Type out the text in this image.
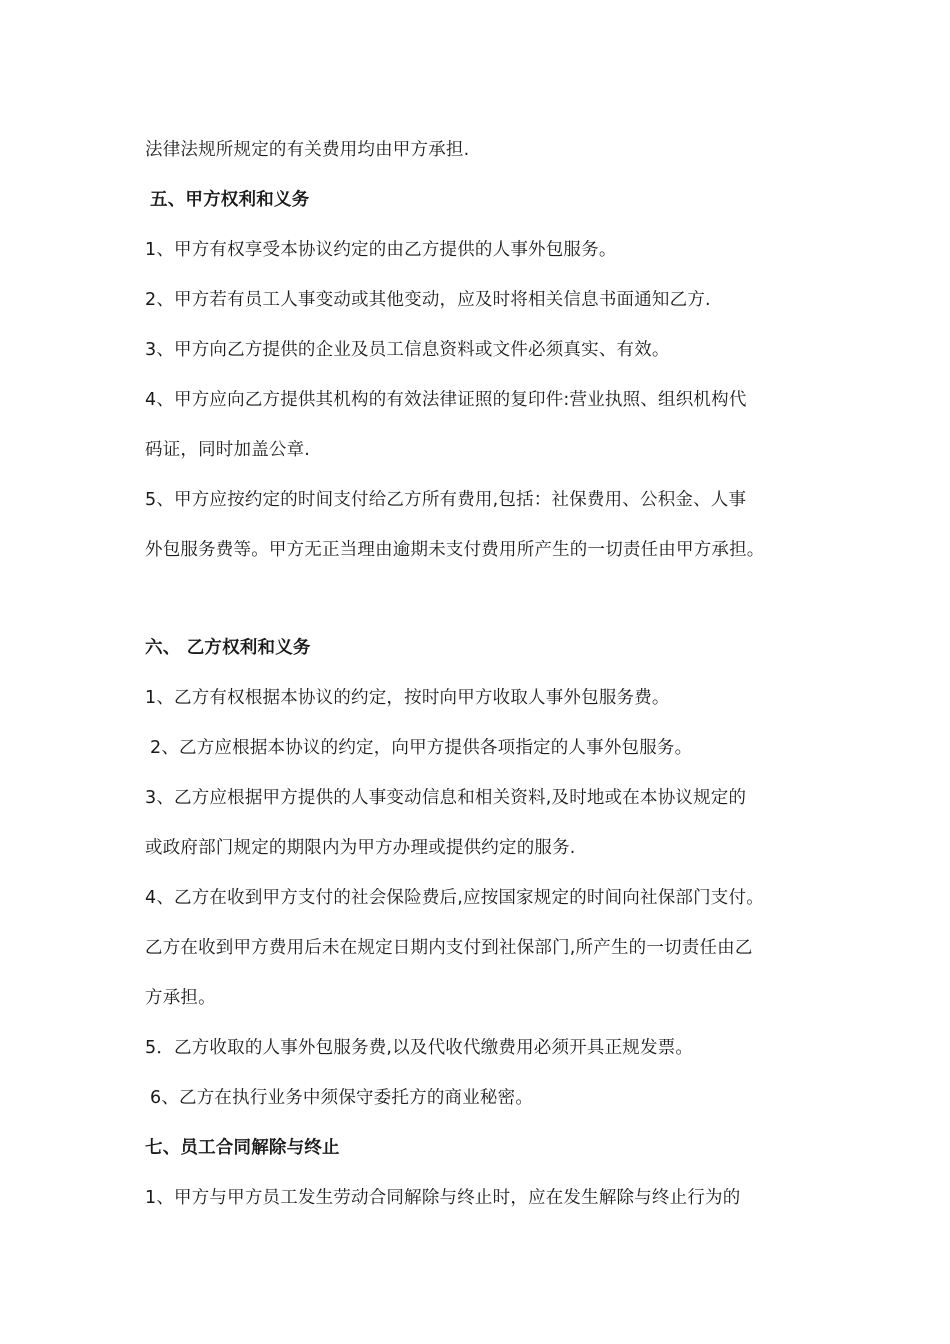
法律法规所规定的有关费用均由甲方承担.
五、甲方权利和义务
1、甲方有权享受本协议约定的由乙方提供的人事外包服务。
2、甲方若有员工人事变动或其他变动，应及时将相关信息书面通知乙方.
3、甲方向乙方提供的企业及员工信息资料或文件必须真实、有效。
4、甲方应向乙方提供其机构的有效法律证照的复印件:营业执照、组织机构代
码证，同时加盖公章.
5、甲方应按约定的时间支付给乙方所有费用,包括：社保费用、公积金、人事
外包服务费等。甲方无正当理由逾期未支付费用所产生的一切责任由甲方承担。
六、 乙方权利和义务
1、乙方有权根据本协议的约定，按时向甲方收取人事外包服务费。
2、乙方应根据本协议的约定，向甲方提供各项指定的人事外包服务。
3、乙方应根据甲方提供的人事变动信息和相关资料,及时地或在本协议规定的
或政府部门规定的期限内为甲方办理或提供约定的服务.
4、乙方在收到甲方支付的社会保险费后,应按国家规定的时间向社保部门支付。
乙方在收到甲方费用后未在规定日期内支付到社保部门,所产生的一切责任由乙
方承担。
5．乙方收取的人事外包服务费,以及代收代缴费用必须开具正规发票。
6、乙方在执行业务中须保守委托方的商业秘密。
七、员工合同解除与终止
1、甲方与甲方员工发生劳动合同解除与终止时，应在发生解除与终止行为的
